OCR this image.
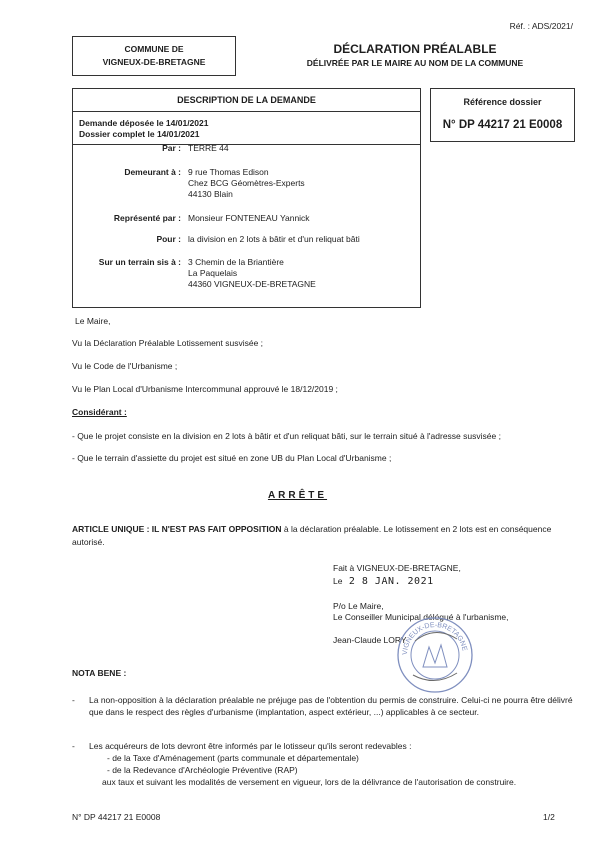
Réf. : ADS/2021/
COMMUNE DE
VIGNEUX-DE-BRETAGNE
DÉCLARATION PRÉALABLE
DÉLIVRÉE PAR LE MAIRE AU NOM DE LA COMMUNE
DESCRIPTION DE LA DEMANDE
Demande déposée le 14/01/2021
Dossier complet le 14/01/2021
Par : TERRE 44
Demeurant à : 9 rue Thomas Edison
Chez BCG Géomètres-Experts
44130 Blain
Représenté par : Monsieur FONTENEAU Yannick
Pour : la division en 2 lots à bâtir et d'un reliquat bâti
Sur un terrain sis à : 3 Chemin de la Briantière
La Paquelais
44360 VIGNEUX-DE-BRETAGNE
Référence dossier
N° DP 44217 21 E0008
Le Maire,
Vu la Déclaration Préalable Lotissement susvisée ;
Vu le Code de l'Urbanisme ;
Vu le Plan Local d'Urbanisme Intercommunal approuvé le 18/12/2019 ;
Considérant :
- Que le projet consiste en la division en 2 lots à bâtir et d'un reliquat bâti, sur le terrain situé à l'adresse susvisée ;
- Que le terrain d'assiette du projet est situé en zone UB du Plan Local d'Urbanisme ;
ARRÊTE
ARTICLE UNIQUE : IL N'EST PAS FAIT OPPOSITION à la déclaration préalable. Le lotissement en 2 lots est en conséquence autorisé.
Fait à VIGNEUX-DE-BRETAGNE,
Le 2 8 JAN. 2021
P/o Le Maire,
Le Conseiller Municipal délégué à l'urbanisme,
Jean-Claude LORY
VIGNEUX-DE-BRETAGNE
NOTA BENE :
- La non-opposition à la déclaration préalable ne préjuge pas de l'obtention du permis de construire. Celui-ci ne pourra être délivré que dans le respect des règles d'urbanisme (implantation, aspect extérieur, ...) applicables à ce secteur.
- Les acquéreurs de lots devront être informés par le lotisseur qu'ils seront redevables :
- de la Taxe d'Aménagement (parts communale et départementale)
- de la Redevance d'Archéologie Préventive (RAP)
aux taux et suivant les modalités de versement en vigueur, lors de la délivrance de l'autorisation de construire.
N° DP 44217 21 E0008	1/2
